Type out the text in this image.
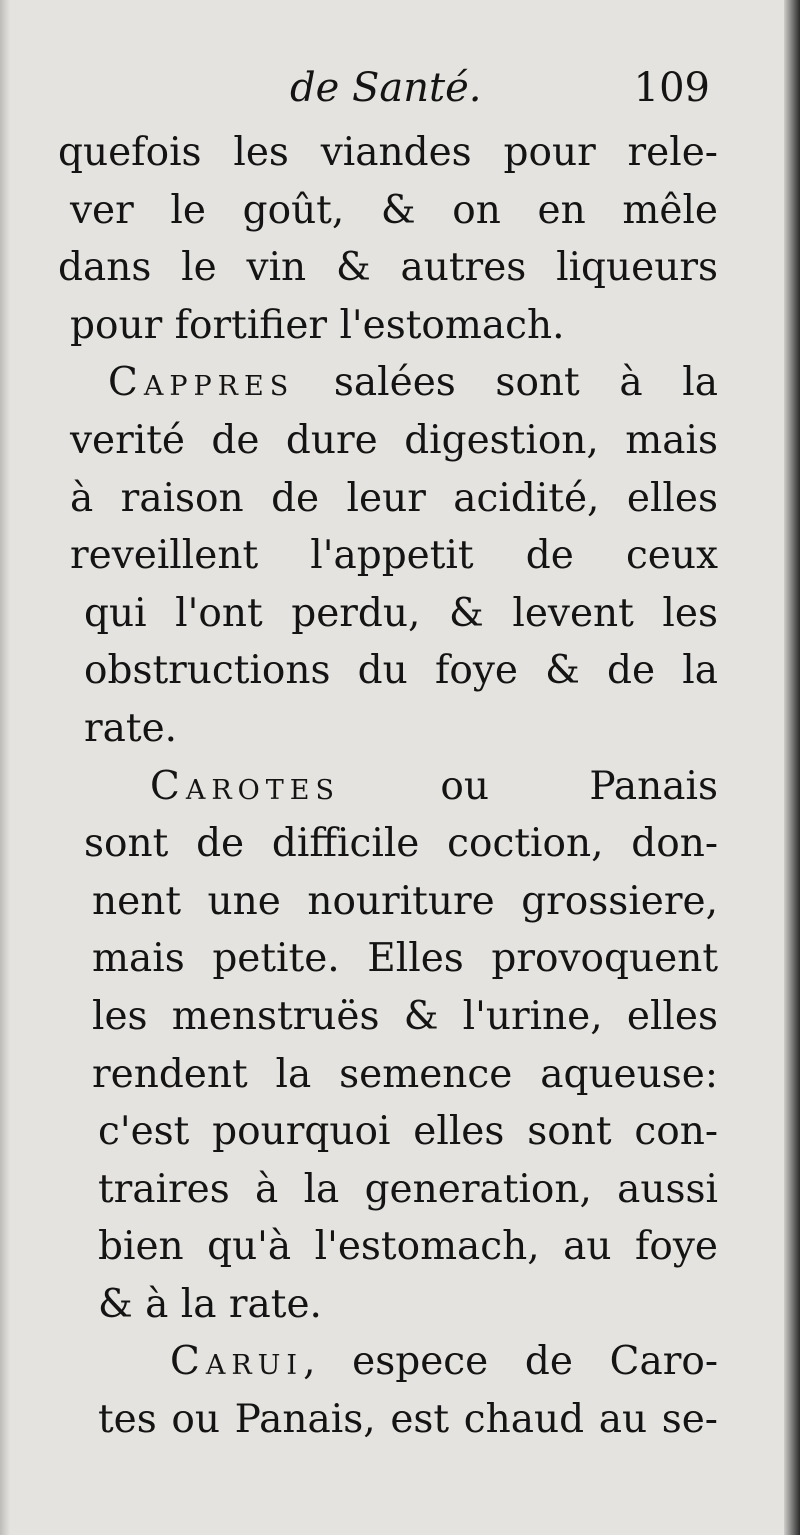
de Santé.	109
quefois les viandes pour rele-
ver le goût, & on en mêle
dans le vin & autres liqueurs
pour fortifier l'estomach.
Cappres salées sont à la
verité de dure digestion, mais
à raison de leur acidité, elles
reveillent l'appetit de ceux
qui l'ont perdu, & levent les
obstructions du foye & de la
rate.
Carotes ou Panais
sont de difficile coction, don-
nent une nouriture grossiere,
mais petite. Elles provoquent
les menstruës & l'urine, elles
rendent la semence aqueuse:
c'est pourquoi elles sont con-
traires à la generation, aussi
bien qu'à l'estomach, au foye
& à la rate.
Carui, espece de Caro-
tes ou Panais, est chaud au se-
